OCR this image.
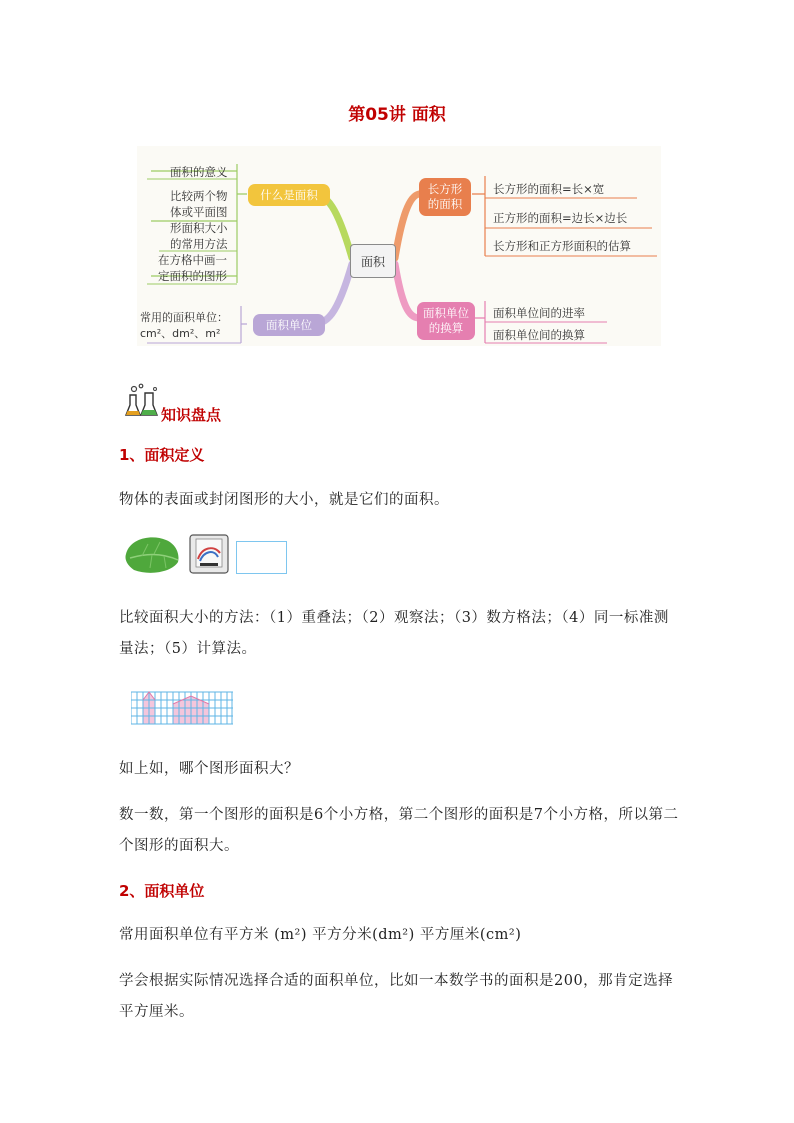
第05讲 面积
面积
什么是面积
面积单位
长方形
的面积
面积单位
的换算
面积的意义
比较两个物
体或平面图
形面积大小
的常用方法
在方格中画一
定面积的图形
常用的面积单位：
cm²、dm²、m²
长方形的面积=长×宽
正方形的面积=边长×边长
长方形和正方形面积的估算
面积单位间的进率
面积单位间的换算
知识盘点
1、面积定义
物体的表面或封闭图形的大小，就是它们的面积。
比较面积大小的方法：（1）重叠法；（2）观察法；（3）数方格法；（4）同一标准测量法；（5）计算法。
如上如，哪个图形面积大？
数一数，第一个图形的面积是6个小方格，第二个图形的面积是7个小方格，所以第二个图形的面积大。
2、面积单位
常用面积单位有平方米 (m²) 平方分米(dm²) 平方厘米(cm²)
学会根据实际情况选择合适的面积单位，比如一本数学书的面积是200，那肯定选择平方厘米。
